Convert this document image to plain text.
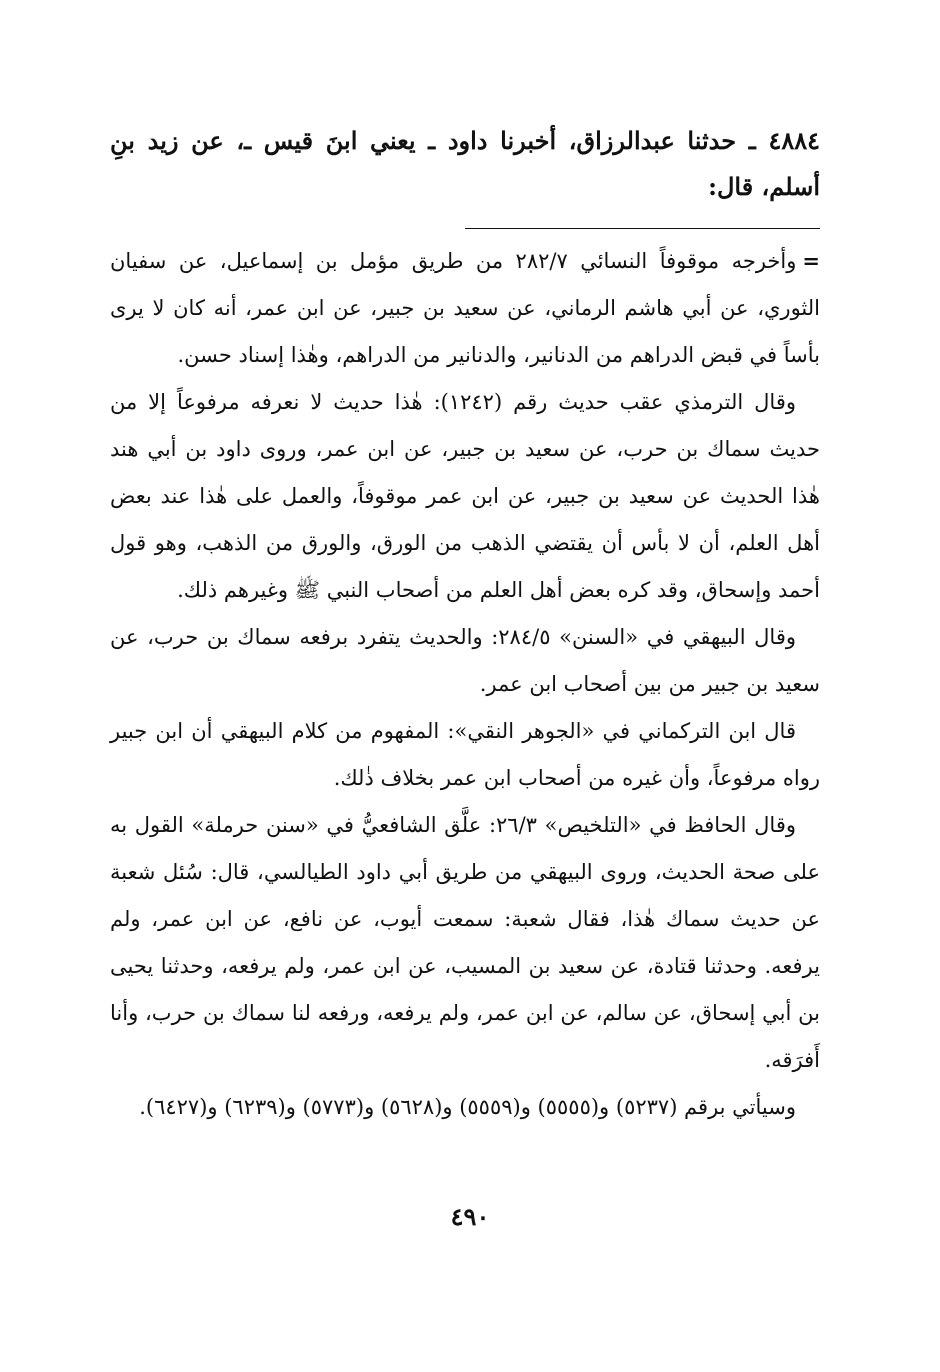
٤٨٨٤ ـ حدثنا عبدالرزاق، أخبرنا داود ـ يعني ابنَ قيس ـ، عن زيد بنِ أسلم، قال:

=وأخرجه موقوفاً النسائي ٢٨٢/٧ من طريق مؤمل بن إسماعيل، عن سفيان الثوري، عن أبي هاشم الرماني، عن سعيد بن جبير، عن ابن عمر، أنه كان لا يرى بأساً في قبض الدراهم من الدنانير، والدنانير من الدراهم، وهٰذا إسناد حسن.

وقال الترمذي عقب حديث رقم (١٢٤٢): هٰذا حديث لا نعرفه مرفوعاً إلا من حديث سماك بن حرب، عن سعيد بن جبير، عن ابن عمر، وروى داود بن أبي هند هٰذا الحديث عن سعيد بن جبير، عن ابن عمر موقوفاً، والعمل على هٰذا عند بعض أهل العلم، أن لا بأس أن يقتضي الذهب من الورق، والورق من الذهب، وهو قول أحمد وإسحاق، وقد كره بعض أهل العلم من أصحاب النبي ﷺ وغيرهم ذلك.

وقال البيهقي في «السنن» ٢٨٤/٥: والحديث يتفرد برفعه سماك بن حرب، عن سعيد بن جبير من بين أصحاب ابن عمر.

قال ابن التركماني في «الجوهر النقي»: المفهوم من كلام البيهقي أن ابن جبير رواه مرفوعاً، وأن غيره من أصحاب ابن عمر بخلاف ذٰلك.

وقال الحافظ في «التلخيص» ٢٦/٣: علَّق الشافعيُّ في «سنن حرملة» القول به على صحة الحديث، وروى البيهقي من طريق أبي داود الطيالسي، قال: سُئل شعبة عن حديث سماك هٰذا، فقال شعبة: سمعت أيوب، عن نافع، عن ابن عمر، ولم يرفعه. وحدثنا قتادة، عن سعيد بن المسيب، عن ابن عمر، ولم يرفعه، وحدثنا يحيى بن أبي إسحاق، عن سالم، عن ابن عمر، ولم يرفعه، ورفعه لنا سماك بن حرب، وأنا أَفرَقه.

وسيأتي برقم (٥٢٣٧) و(٥٥٥٥) و(٥٥٥٩) و(٥٦٢٨) و(٥٧٧٣) و(٦٢٣٩) و(٦٤٢٧).

٤٩٠
